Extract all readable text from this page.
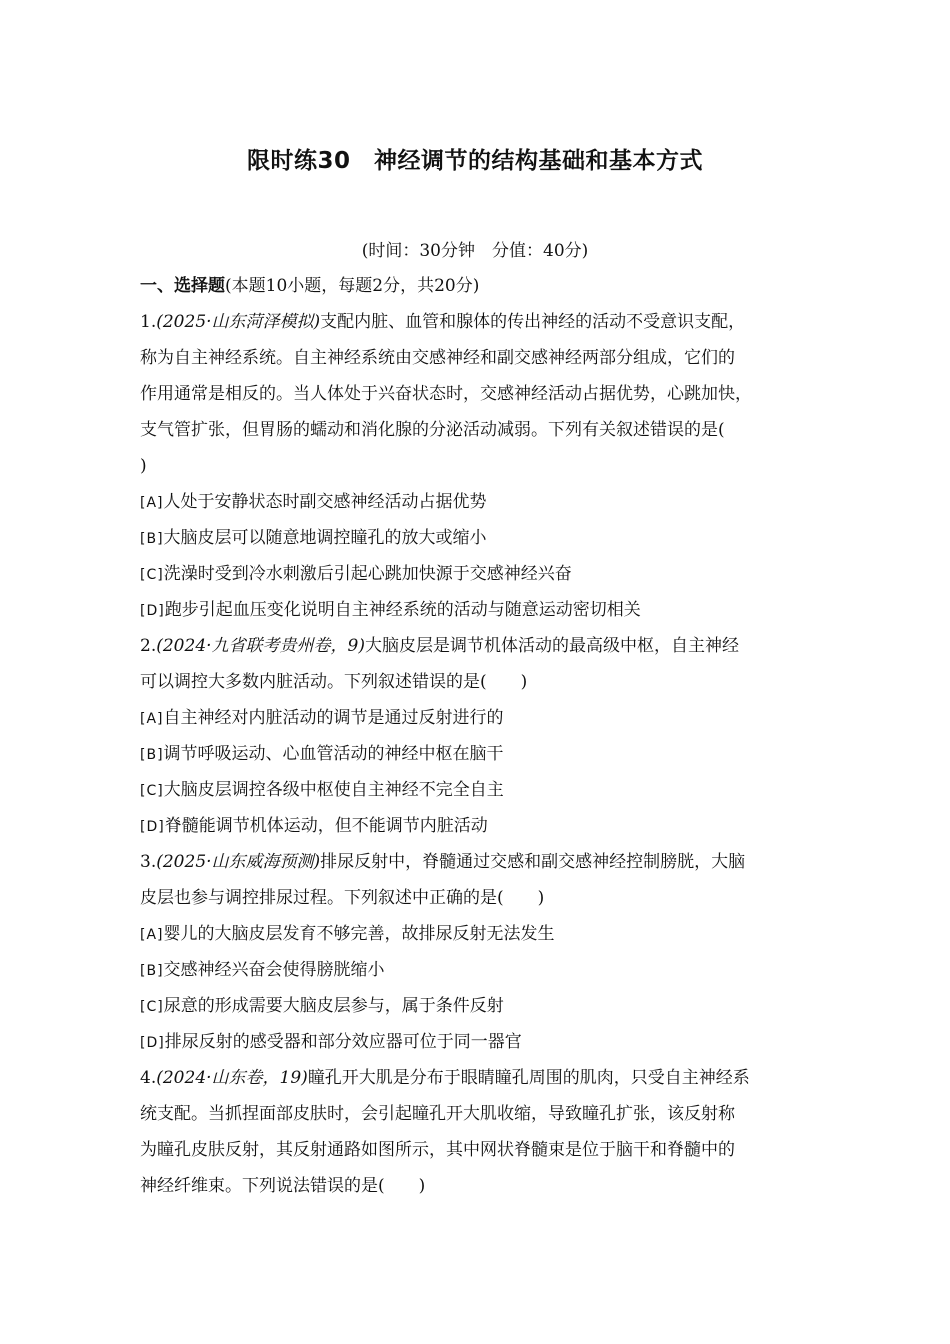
限时练30　神经调节的结构基础和基本方式
(时间：30分钟　分值：40分)
一、选择题(本题10小题，每题2分，共20分)
1.(2025·山东菏泽模拟)支配内脏、血管和腺体的传出神经的活动不受意识支配，
称为自主神经系统。自主神经系统由交感神经和副交感神经两部分组成，它们的
作用通常是相反的。当人体处于兴奋状态时，交感神经活动占据优势，心跳加快，
支气管扩张，但胃肠的蠕动和消化腺的分泌活动减弱。下列有关叙述错误的是(
)
[A]人处于安静状态时副交感神经活动占据优势
[B]大脑皮层可以随意地调控瞳孔的放大或缩小
[C]洗澡时受到冷水刺激后引起心跳加快源于交感神经兴奋
[D]跑步引起血压变化说明自主神经系统的活动与随意运动密切相关
2.(2024·九省联考贵州卷，9)大脑皮层是调节机体活动的最高级中枢，自主神经
可以调控大多数内脏活动。下列叙述错误的是(　　)
[A]自主神经对内脏活动的调节是通过反射进行的
[B]调节呼吸运动、心血管活动的神经中枢在脑干
[C]大脑皮层调控各级中枢使自主神经不完全自主
[D]脊髓能调节机体运动，但不能调节内脏活动
3.(2025·山东威海预测)排尿反射中，脊髓通过交感和副交感神经控制膀胱，大脑
皮层也参与调控排尿过程。下列叙述中正确的是(　　)
[A]婴儿的大脑皮层发育不够完善，故排尿反射无法发生
[B]交感神经兴奋会使得膀胱缩小
[C]尿意的形成需要大脑皮层参与，属于条件反射
[D]排尿反射的感受器和部分效应器可位于同一器官
4.(2024·山东卷，19)瞳孔开大肌是分布于眼睛瞳孔周围的肌肉，只受自主神经系
统支配。当抓捏面部皮肤时，会引起瞳孔开大肌收缩，导致瞳孔扩张，该反射称
为瞳孔皮肤反射，其反射通路如图所示，其中网状脊髓束是位于脑干和脊髓中的
神经纤维束。下列说法错误的是(　　)
